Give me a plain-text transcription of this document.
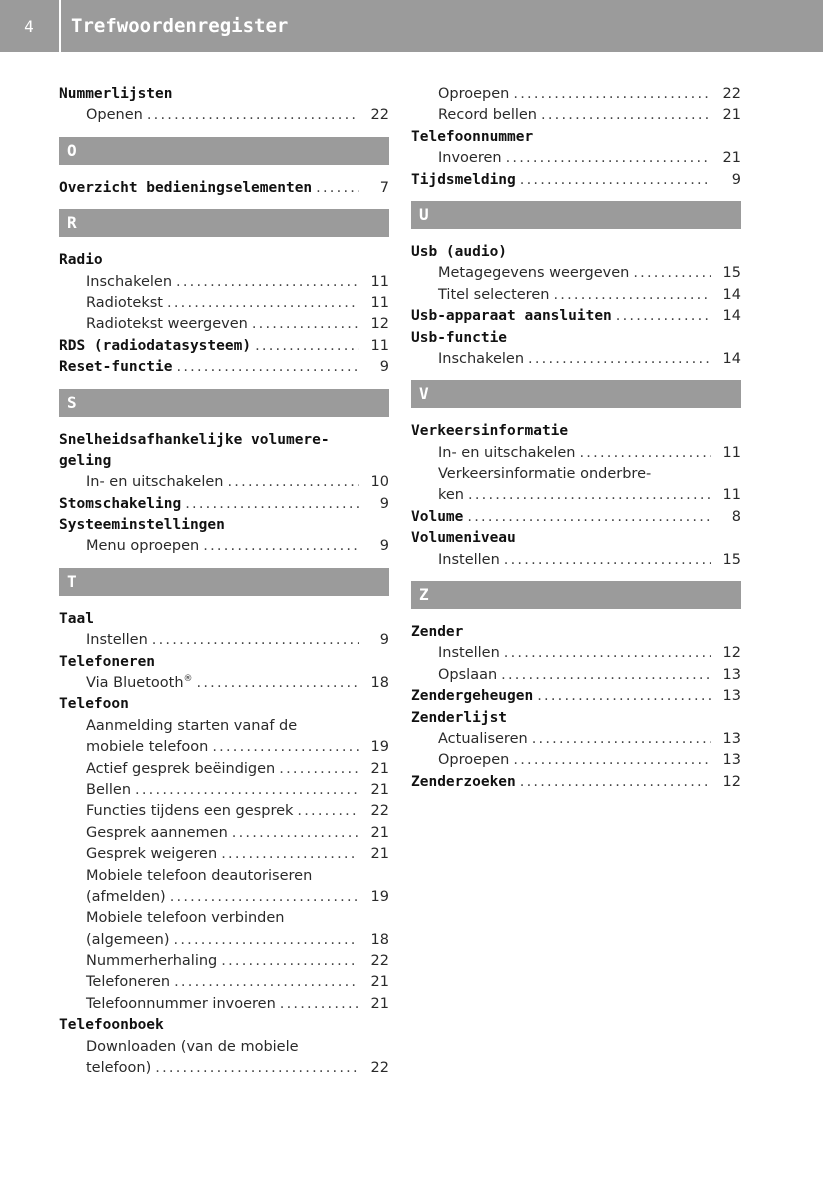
4	Trefwoordenregister
Nummerlijsten
Openen . . .	22
O
Overzicht bedieningselementen . . .	7
R
Radio
Inschakelen . . .	11
Radiotekst . . .	11
Radiotekst weergeven . . .	12
RDS (radiodatasysteem) . . .	11
Reset-functie . . .	9
S
Snelheidsafhankelijke volumere-
geling
In- en uitschakelen . . .	10
Stomschakeling . . .	9
Systeeminstellingen
Menu oproepen . . .	9
T
Taal
Instellen . . .	9
Telefoneren
Via Bluetooth® . . .	18
Telefoon
Aanmelding starten vanaf de
mobiele telefoon . . .	19
Actief gesprek beëindigen . . .	21
Bellen . . .	21
Functies tijdens een gesprek . . .	22
Gesprek aannemen . . .	21
Gesprek weigeren . . .	21
Mobiele telefoon deautoriseren
(afmelden) . . .	19
Mobiele telefoon verbinden
(algemeen) . . .	18
Nummerherhaling . . .	22
Telefoneren . . .	21
Telefoonnummer invoeren . . .	21
Telefoonboek
Downloaden (van de mobiele
telefoon) . . .	22
Oproepen . . .	22
Record bellen . . .	21
Telefoonnummer
Invoeren . . .	21
Tijdsmelding . . .	9
U
Usb (audio)
Metagegevens weergeven . . .	15
Titel selecteren . . .	14
Usb-apparaat aansluiten . . .	14
Usb-functie
Inschakelen . . .	14
V
Verkeersinformatie
In- en uitschakelen . . .	11
Verkeersinformatie onderbre-
ken . . .	11
Volume . . .	8
Volumeniveau
Instellen . . .	15
Z
Zender
Instellen . . .	12
Opslaan . . .	13
Zendergeheugen . . .	13
Zenderlijst
Actualiseren . . .	13
Oproepen . . .	13
Zenderzoeken . . .	12
